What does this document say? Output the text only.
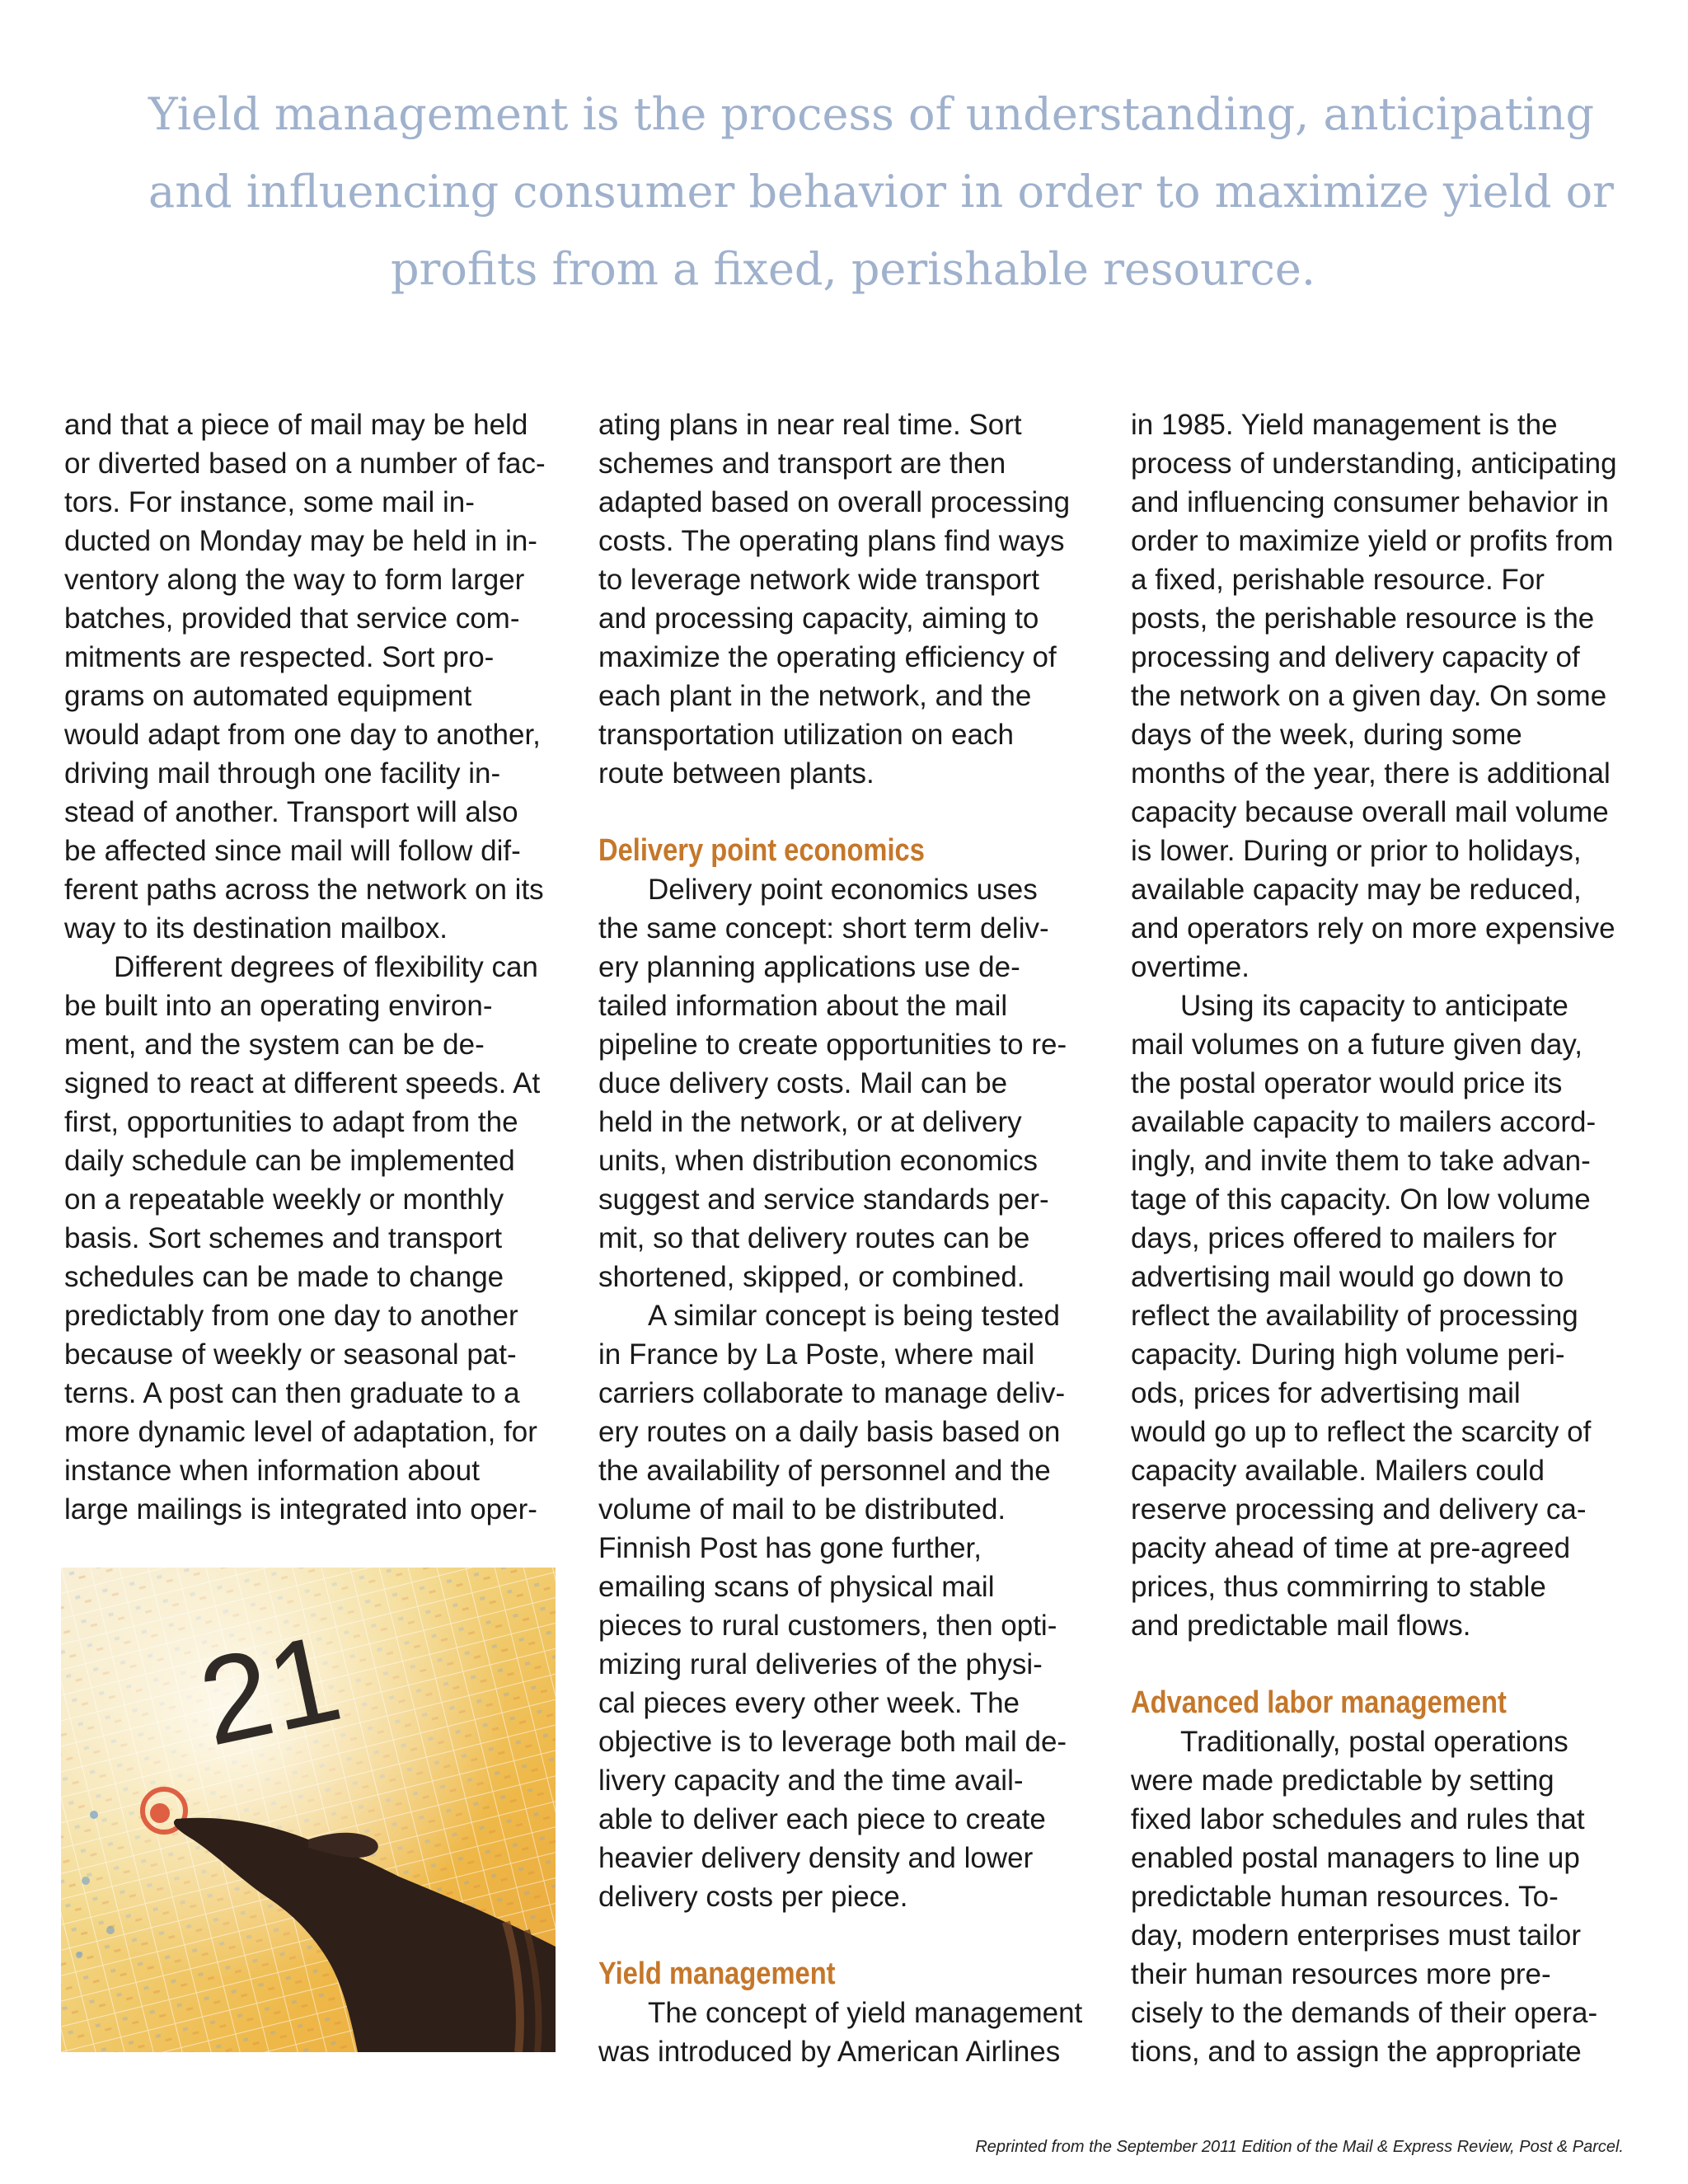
Yield management is the process of understanding, anticipating
and influencing consumer behavior in order to maximize yield or
profits from a fixed, perishable resource.
and that a piece of mail may be held
or diverted based on a number of fac-
tors. For instance, some mail in-
ducted on Monday may be held in in-
ventory along the way to form larger
batches, provided that service com-
mitments are respected. Sort pro-
grams on automated equipment
would adapt from one day to another,
driving mail through one facility in-
stead of another. Transport will also
be affected since mail will follow dif-
ferent paths across the network on its
way to its destination mailbox.
Different degrees of flexibility can
be built into an operating environ-
ment, and the system can be de-
signed to react at different speeds. At
first, opportunities to adapt from the
daily schedule can be implemented
on a repeatable weekly or monthly
basis. Sort schemes and transport
schedules can be made to change
predictably from one day to another
because of weekly or seasonal pat-
terns. A post can then graduate to a
more dynamic level of adaptation, for
instance when information about
large mailings is integrated into oper-
21
ating plans in near real time. Sort
schemes and transport are then
adapted based on overall processing
costs. The operating plans find ways
to leverage network wide transport
and processing capacity, aiming to
maximize the operating efficiency of
each plant in the network, and the
transportation utilization on each
route between plants.
Delivery point economics
Delivery point economics uses
the same concept: short term deliv-
ery planning applications use de-
tailed information about the mail
pipeline to create opportunities to re-
duce delivery costs. Mail can be
held in the network, or at delivery
units, when distribution economics
suggest and service standards per-
mit, so that delivery routes can be
shortened, skipped, or combined.
A similar concept is being tested
in France by La Poste, where mail
carriers collaborate to manage deliv-
ery routes on a daily basis based on
the availability of personnel and the
volume of mail to be distributed.
Finnish Post has gone further,
emailing scans of physical mail
pieces to rural customers, then opti-
mizing rural deliveries of the physi-
cal pieces every other week. The
objective is to leverage both mail de-
livery capacity and the time avail-
able to deliver each piece to create
heavier delivery density and lower
delivery costs per piece.
Yield management
The concept of yield management
was introduced by American Airlines
in 1985. Yield management is the
process of understanding, anticipating
and influencing consumer behavior in
order to maximize yield or profits from
a fixed, perishable resource. For
posts, the perishable resource is the
processing and delivery capacity of
the network on a given day. On some
days of the week, during some
months of the year, there is additional
capacity because overall mail volume
is lower. During or prior to holidays,
available capacity may be reduced,
and operators rely on more expensive
overtime.
Using its capacity to anticipate
mail volumes on a future given day,
the postal operator would price its
available capacity to mailers accord-
ingly, and invite them to take advan-
tage of this capacity. On low volume
days, prices offered to mailers for
advertising mail would go down to
reflect the availability of processing
capacity. During high volume peri-
ods, prices for advertising mail
would go up to reflect the scarcity of
capacity available. Mailers could
reserve processing and delivery ca-
pacity ahead of time at pre-agreed
prices, thus commirring to stable
and predictable mail flows.
Advanced labor management
Traditionally, postal operations
were made predictable by setting
fixed labor schedules and rules that
enabled postal managers to line up
predictable human resources. To-
day, modern enterprises must tailor
their human resources more pre-
cisely to the demands of their opera-
tions, and to assign the appropriate
Reprinted from the September 2011 Edition of the Mail & Express Review, Post & Parcel.
